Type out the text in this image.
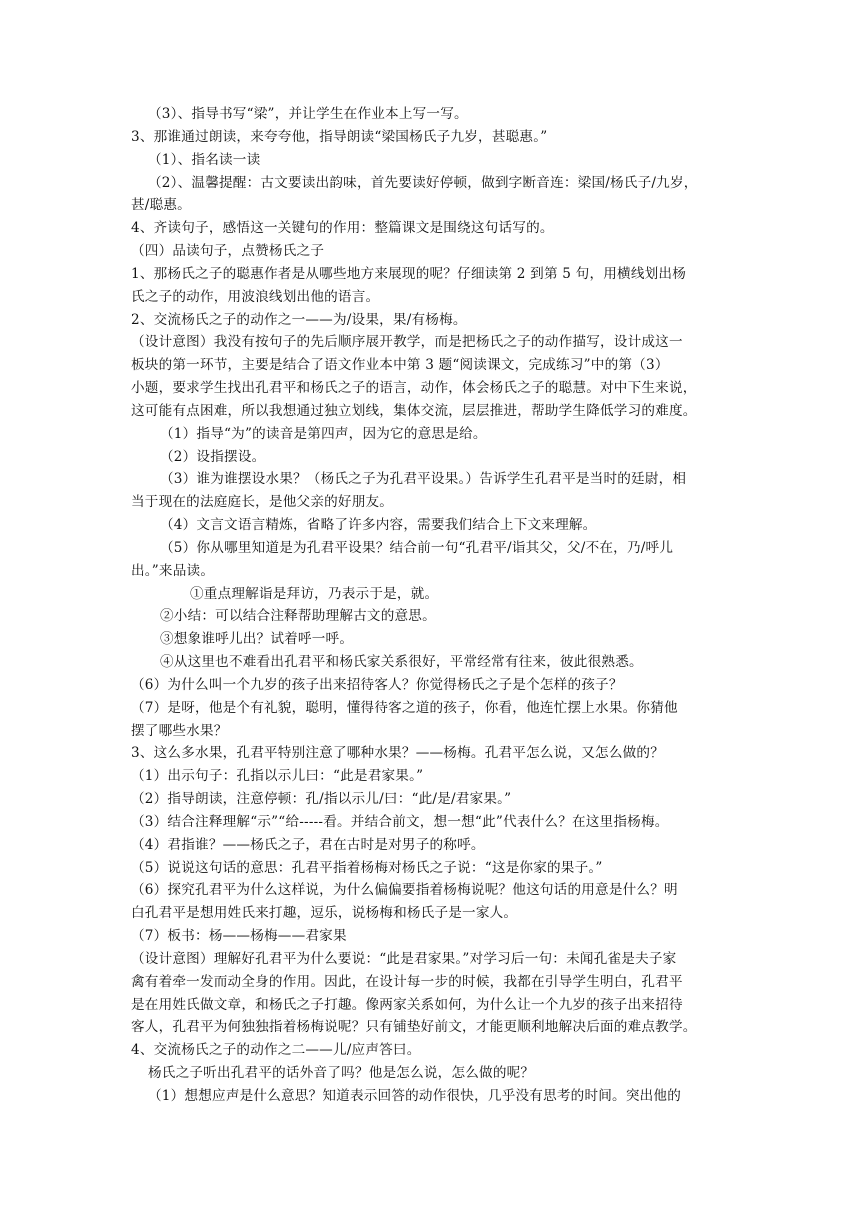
（3）、指导书写“梁”，并让学生在作业本上写一写。
3、那谁通过朗读，来夸夸他，指导朗读“梁国杨氏子九岁，甚聪惠。”
（1）、指名读一读
（2）、温馨提醒：古文要读出韵味，首先要读好停顿，做到字断音连：梁国/杨氏子/九岁，
甚/聪惠。
4、齐读句子，感悟这一关键句的作用：整篇课文是围绕这句话写的。
（四）品读句子，点赞杨氏之子
1、那杨氏之子的聪惠作者是从哪些地方来展现的呢？仔细读第 2 到第 5 句，用横线划出杨
氏之子的动作，用波浪线划出他的语言。
2、交流杨氏之子的动作之一——为/设果，果/有杨梅。
（设计意图）我没有按句子的先后顺序展开教学，而是把杨氏之子的动作描写，设计成这一
板块的第一环节，主要是结合了语文作业本中第 3 题“阅读课文，完成练习”中的第（3）
小题，要求学生找出孔君平和杨氏之子的语言，动作，体会杨氏之子的聪慧。对中下生来说，
这可能有点困难，所以我想通过独立划线，集体交流，层层推进，帮助学生降低学习的难度。
（1）指导“为”的读音是第四声，因为它的意思是给。
（2）设指摆设。
（3）谁为谁摆设水果？（杨氏之子为孔君平设果。）告诉学生孔君平是当时的廷尉，相
当于现在的法庭庭长，是他父亲的好朋友。
（4）文言文语言精炼，省略了许多内容，需要我们结合上下文来理解。
（5）你从哪里知道是为孔君平设果？结合前一句“孔君平/诣其父，父/不在，乃/呼儿
出。”来品读。
①重点理解诣是拜访，乃表示于是，就。
②小结：可以结合注释帮助理解古文的意思。
③想象谁呼儿出？试着呼一呼。
④从这里也不难看出孔君平和杨氏家关系很好，平常经常有往来，彼此很熟悉。
（6）为什么叫一个九岁的孩子出来招待客人？你觉得杨氏之子是个怎样的孩子？
（7）是呀，他是个有礼貌，聪明，懂得待客之道的孩子，你看，他连忙摆上水果。你猜他
摆了哪些水果？
3、这么多水果，孔君平特别注意了哪种水果？——杨梅。孔君平怎么说，又怎么做的？
（1）出示句子：孔指以示儿曰：“此是君家果。”
（2）指导朗读，注意停顿：孔/指以示儿/曰：“此/是/君家果。”
（3）结合注释理解“示”“给-----看。并结合前文，想一想“此”代表什么？在这里指杨梅。
（4）君指谁？——杨氏之子，君在古时是对男子的称呼。
（5）说说这句话的意思：孔君平指着杨梅对杨氏之子说：“这是你家的果子。”
（6）探究孔君平为什么这样说，为什么偏偏要指着杨梅说呢？他这句话的用意是什么？明
白孔君平是想用姓氏来打趣，逗乐，说杨梅和杨氏子是一家人。
（7）板书：杨——杨梅——君家果
（设计意图）理解好孔君平为什么要说：“此是君家果。”对学习后一句：未闻孔雀是夫子家
禽有着牵一发而动全身的作用。因此，在设计每一步的时候，我都在引导学生明白，孔君平
是在用姓氏做文章，和杨氏之子打趣。像两家关系如何，为什么让一个九岁的孩子出来招待
客人，孔君平为何独独指着杨梅说呢？只有铺垫好前文，才能更顺利地解决后面的难点教学。
4、交流杨氏之子的动作之二——儿/应声答曰。
杨氏之子听出孔君平的话外音了吗？他是怎么说，怎么做的呢？
（1）想想应声是什么意思？知道表示回答的动作很快，几乎没有思考的时间。突出他的
